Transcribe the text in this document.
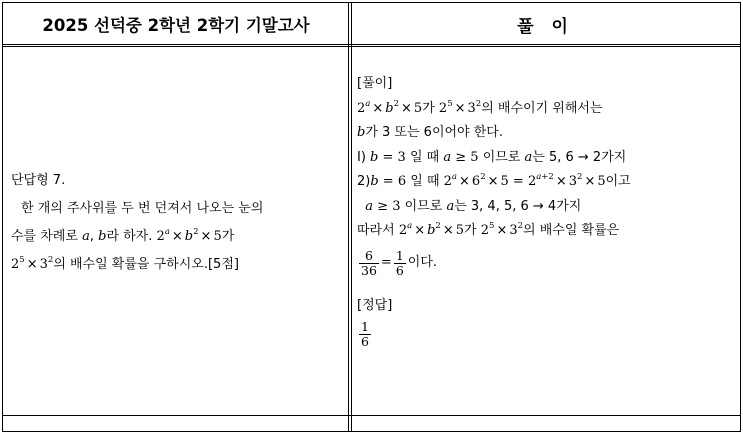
2025 선덕중 2학년 2학기 기말고사	풀 이
단답형 7.
한 개의 주사위를 두 번 던져서 나오는 눈의
수를 차례로 a, b라 하자. $2^a \times b^2 \times 5$가
$2^5 \times 3^2$의 배수일 확률을 구하시오.[5점]
[풀이]
$2^a \times b^2 \times 5$가 $2^5 \times 3^2$의 배수이기 위해서는
b가 3 또는 6이어야 한다.
Ⅰ) b = 3 일 때 a ≥ 5 이므로 a는 5, 6 → 2가지
2)b = 6 일 때 $2^a \times 6^2 \times 5 = 2^{a+2} \times 3^2 \times 5$이고
a ≥ 3 이므로 a는 3, 4, 5, 6 → 4가지
따라서 $2^a \times b^2 \times 5$가 $2^5 \times 3^2$의 배수일 확률은
$\frac{6}{36} = \frac{1}{6}$ 이다.
[정답]
$\frac{1}{6}$
